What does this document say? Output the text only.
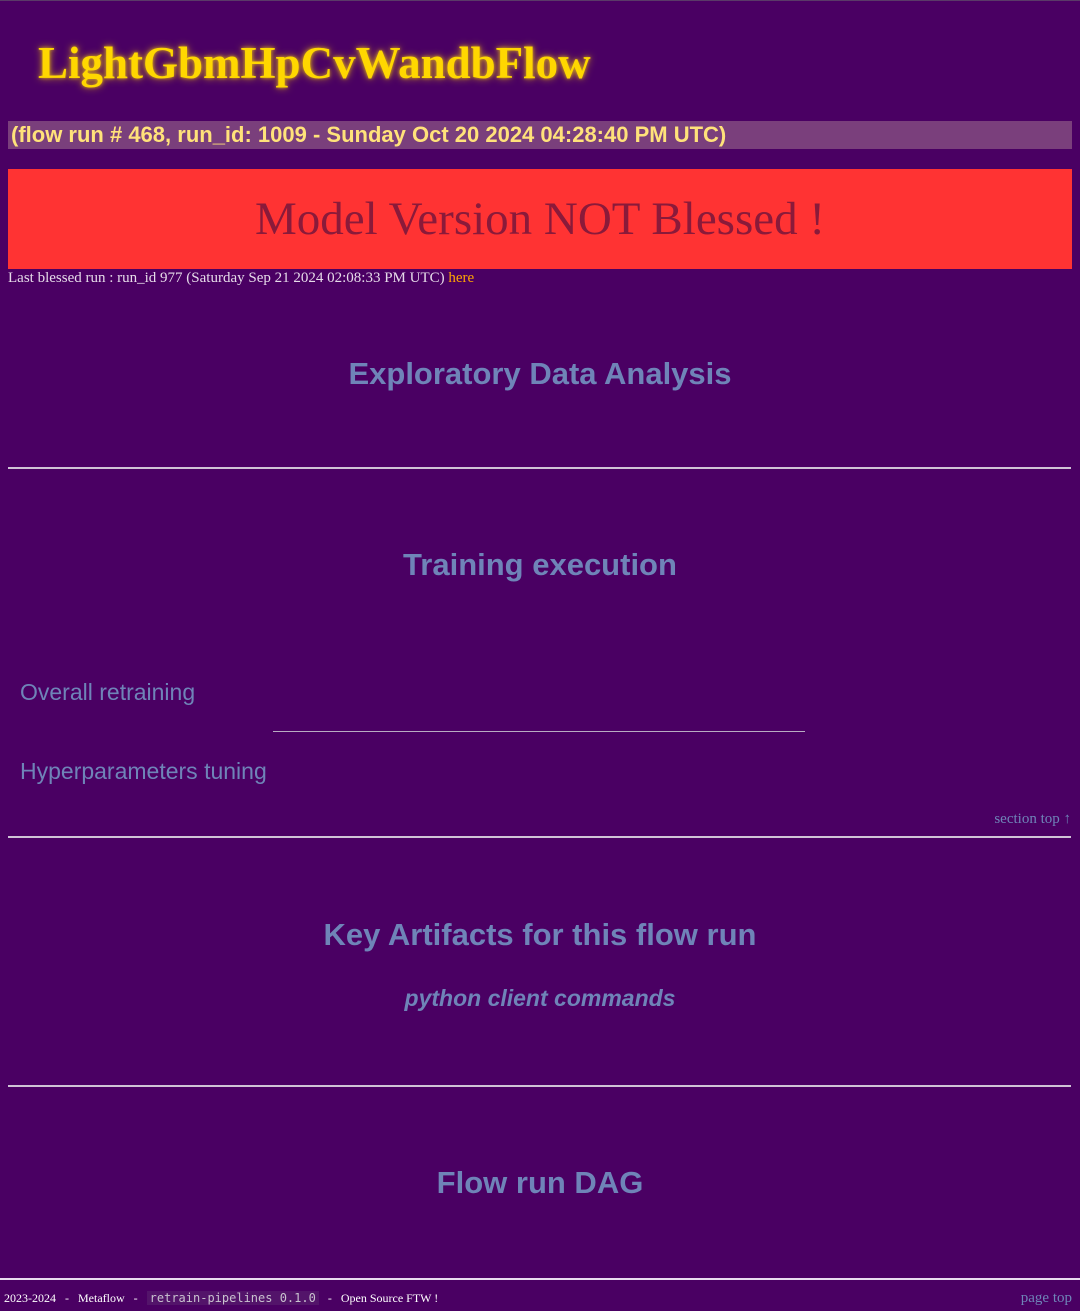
LightGbmHpCvWandbFlow
(flow run # 468, run_id: 1009 - Sunday Oct 20 2024 04:28:40 PM UTC)
Model Version NOT Blessed !
Last blessed run : run_id 977 (Saturday Sep 21 2024 02:08:33 PM UTC) here
Exploratory Data Analysis
Training execution
Overall retraining
Hyperparameters tuning
section top ↑
Key Artifacts for this flow run
python client commands
Flow run DAG
2023-2024 - Metaflow - retrain-pipelines 0.1.0 - Open Source FTW !	page top
